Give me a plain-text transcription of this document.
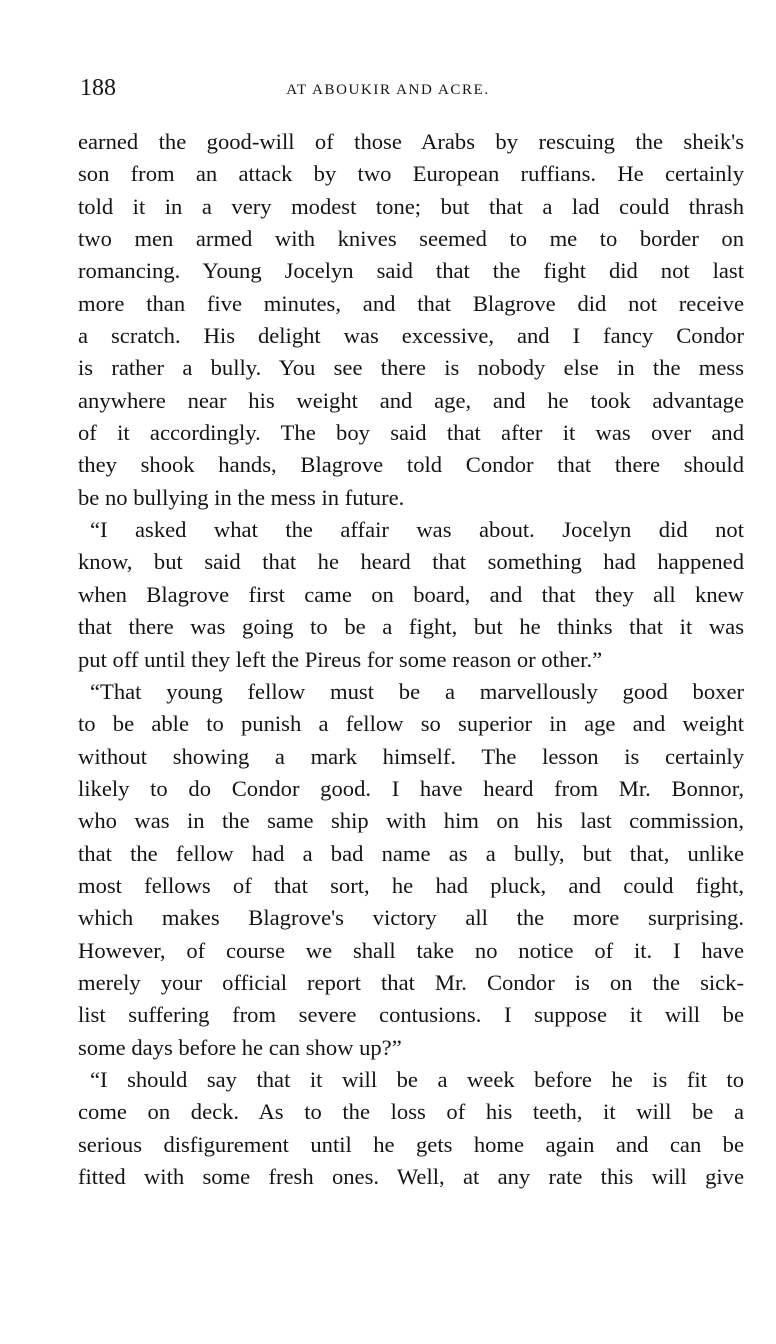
188	AT ABOUKIR AND ACRE.
earned the good-will of those Arabs by rescuing the sheik's
son from an attack by two European ruffians. He certainly
told it in a very modest tone; but that a lad could thrash
two men armed with knives seemed to me to border on
romancing. Young Jocelyn said that the fight did not last
more than five minutes, and that Blagrove did not receive
a scratch. His delight was excessive, and I fancy Condor
is rather a bully. You see there is nobody else in the mess
anywhere near his weight and age, and he took advantage
of it accordingly. The boy said that after it was over and
they shook hands, Blagrove told Condor that there should
be no bullying in the mess in future.
“I asked what the affair was about. Jocelyn did not
know, but said that he heard that something had happened
when Blagrove first came on board, and that they all knew
that there was going to be a fight, but he thinks that it was
put off until they left the Pireus for some reason or other.”
“That young fellow must be a marvellously good boxer
to be able to punish a fellow so superior in age and weight
without showing a mark himself. The lesson is certainly
likely to do Condor good. I have heard from Mr. Bonnor,
who was in the same ship with him on his last commission,
that the fellow had a bad name as a bully, but that, unlike
most fellows of that sort, he had pluck, and could fight,
which makes Blagrove's victory all the more surprising.
However, of course we shall take no notice of it. I have
merely your official report that Mr. Condor is on the sick-
list suffering from severe contusions. I suppose it will be
some days before he can show up?”
“I should say that it will be a week before he is fit to
come on deck. As to the loss of his teeth, it will be a
serious disfigurement until he gets home again and can be
fitted with some fresh ones. Well, at any rate this will give
